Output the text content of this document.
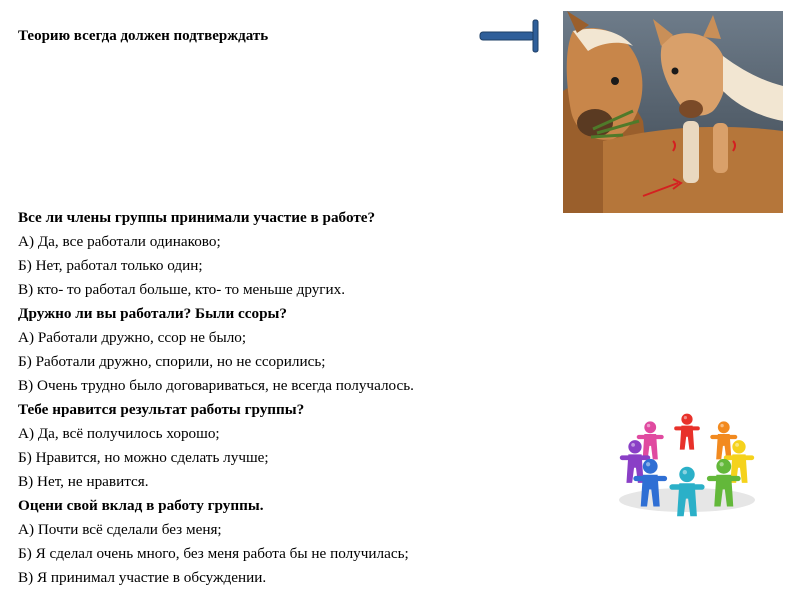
Теорию всегда должен подтверждать
Все ли члены группы принимали участие в работе?
А) Да, все работали одинаково;
Б) Нет, работал только один;
В) кто- то работал больше, кто- то меньше других.
Дружно ли вы работали? Были ссоры?
А) Работали дружно, ссор не было;
Б) Работали дружно, спорили, но не ссорились;
В) Очень трудно было договариваться, не всегда получалось.
Тебе нравится результат работы группы?
А) Да, всё получилось хорошо;
Б) Нравится, но можно сделать лучше;
В) Нет, не нравится.
Оцени свой вклад в работу группы.
А) Почти всё сделали без меня;
Б) Я сделал очень много, без меня работа бы не получилась;
В) Я принимал участие в обсуждении.
